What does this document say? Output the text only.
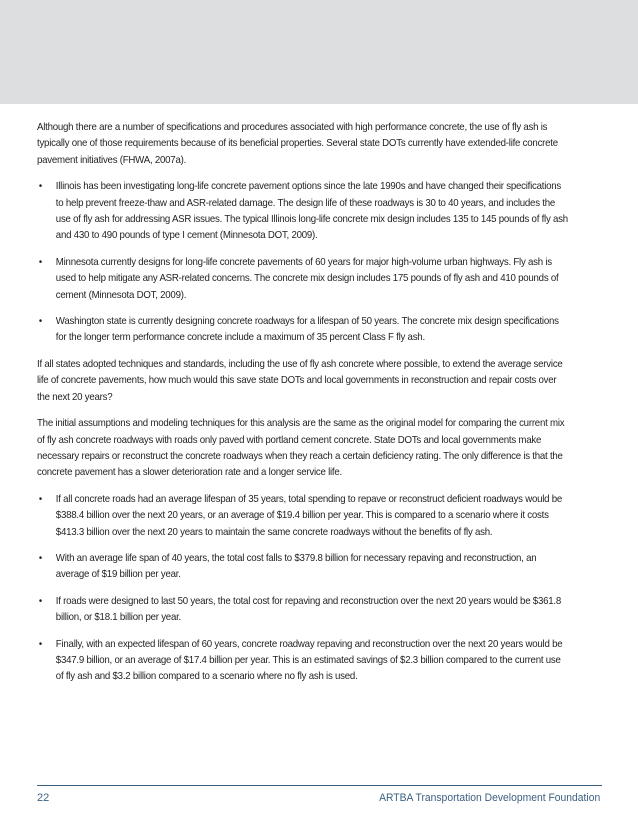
Although there are a number of specifications and procedures associated with high performance concrete, the use of fly ash is typically one of those requirements because of its beneficial properties. Several state DOTs currently have extended-life concrete pavement initiatives (FHWA, 2007a).

• Illinois has been investigating long-life concrete pavement options since the late 1990s and have changed their specifications to help prevent freeze-thaw and ASR-related damage. The design life of these roadways is 30 to 40 years, and includes the use of fly ash for addressing ASR issues. The typical Illinois long-life concrete mix design includes 135 to 145 pounds of fly ash and 430 to 490 pounds of type I cement (Minnesota DOT, 2009).
• Minnesota currently designs for long-life concrete pavements of 60 years for major high-volume urban highways. Fly ash is used to help mitigate any ASR-related concerns. The concrete mix design includes 175 pounds of fly ash and 410 pounds of cement (Minnesota DOT, 2009).
• Washington state is currently designing concrete roadways for a lifespan of 50 years. The concrete mix design specifications for the longer term performance concrete include a maximum of 35 percent Class F fly ash.

If all states adopted techniques and standards, including the use of fly ash concrete where possible, to extend the average service life of concrete pavements, how much would this save state DOTs and local governments in reconstruction and repair costs over the next 20 years?

The initial assumptions and modeling techniques for this analysis are the same as the original model for comparing the current mix of fly ash concrete roadways with roads only paved with portland cement concrete. State DOTs and local governments make necessary repairs or reconstruct the concrete roadways when they reach a certain deficiency rating. The only difference is that the concrete pavement has a slower deterioration rate and a longer service life.

• If all concrete roads had an average lifespan of 35 years, total spending to repave or reconstruct deficient roadways would be $388.4 billion over the next 20 years, or an average of $19.4 billion per year. This is compared to a scenario where it costs $413.3 billion over the next 20 years to maintain the same concrete roadways without the benefits of fly ash.
• With an average life span of 40 years, the total cost falls to $379.8 billion for necessary repaving and reconstruction, an average of $19 billion per year.
• If roads were designed to last 50 years, the total cost for repaving and reconstruction over the next 20 years would be $361.8 billion, or $18.1 billion per year.
• Finally, with an expected lifespan of 60 years, concrete roadway repaving and reconstruction over the next 20 years would be $347.9 billion, or an average of $17.4 billion per year. This is an estimated savings of $2.3 billion compared to the current use of fly ash and $3.2 billion compared to a scenario where no fly ash is used.
22	ARTBA Transportation Development Foundation
